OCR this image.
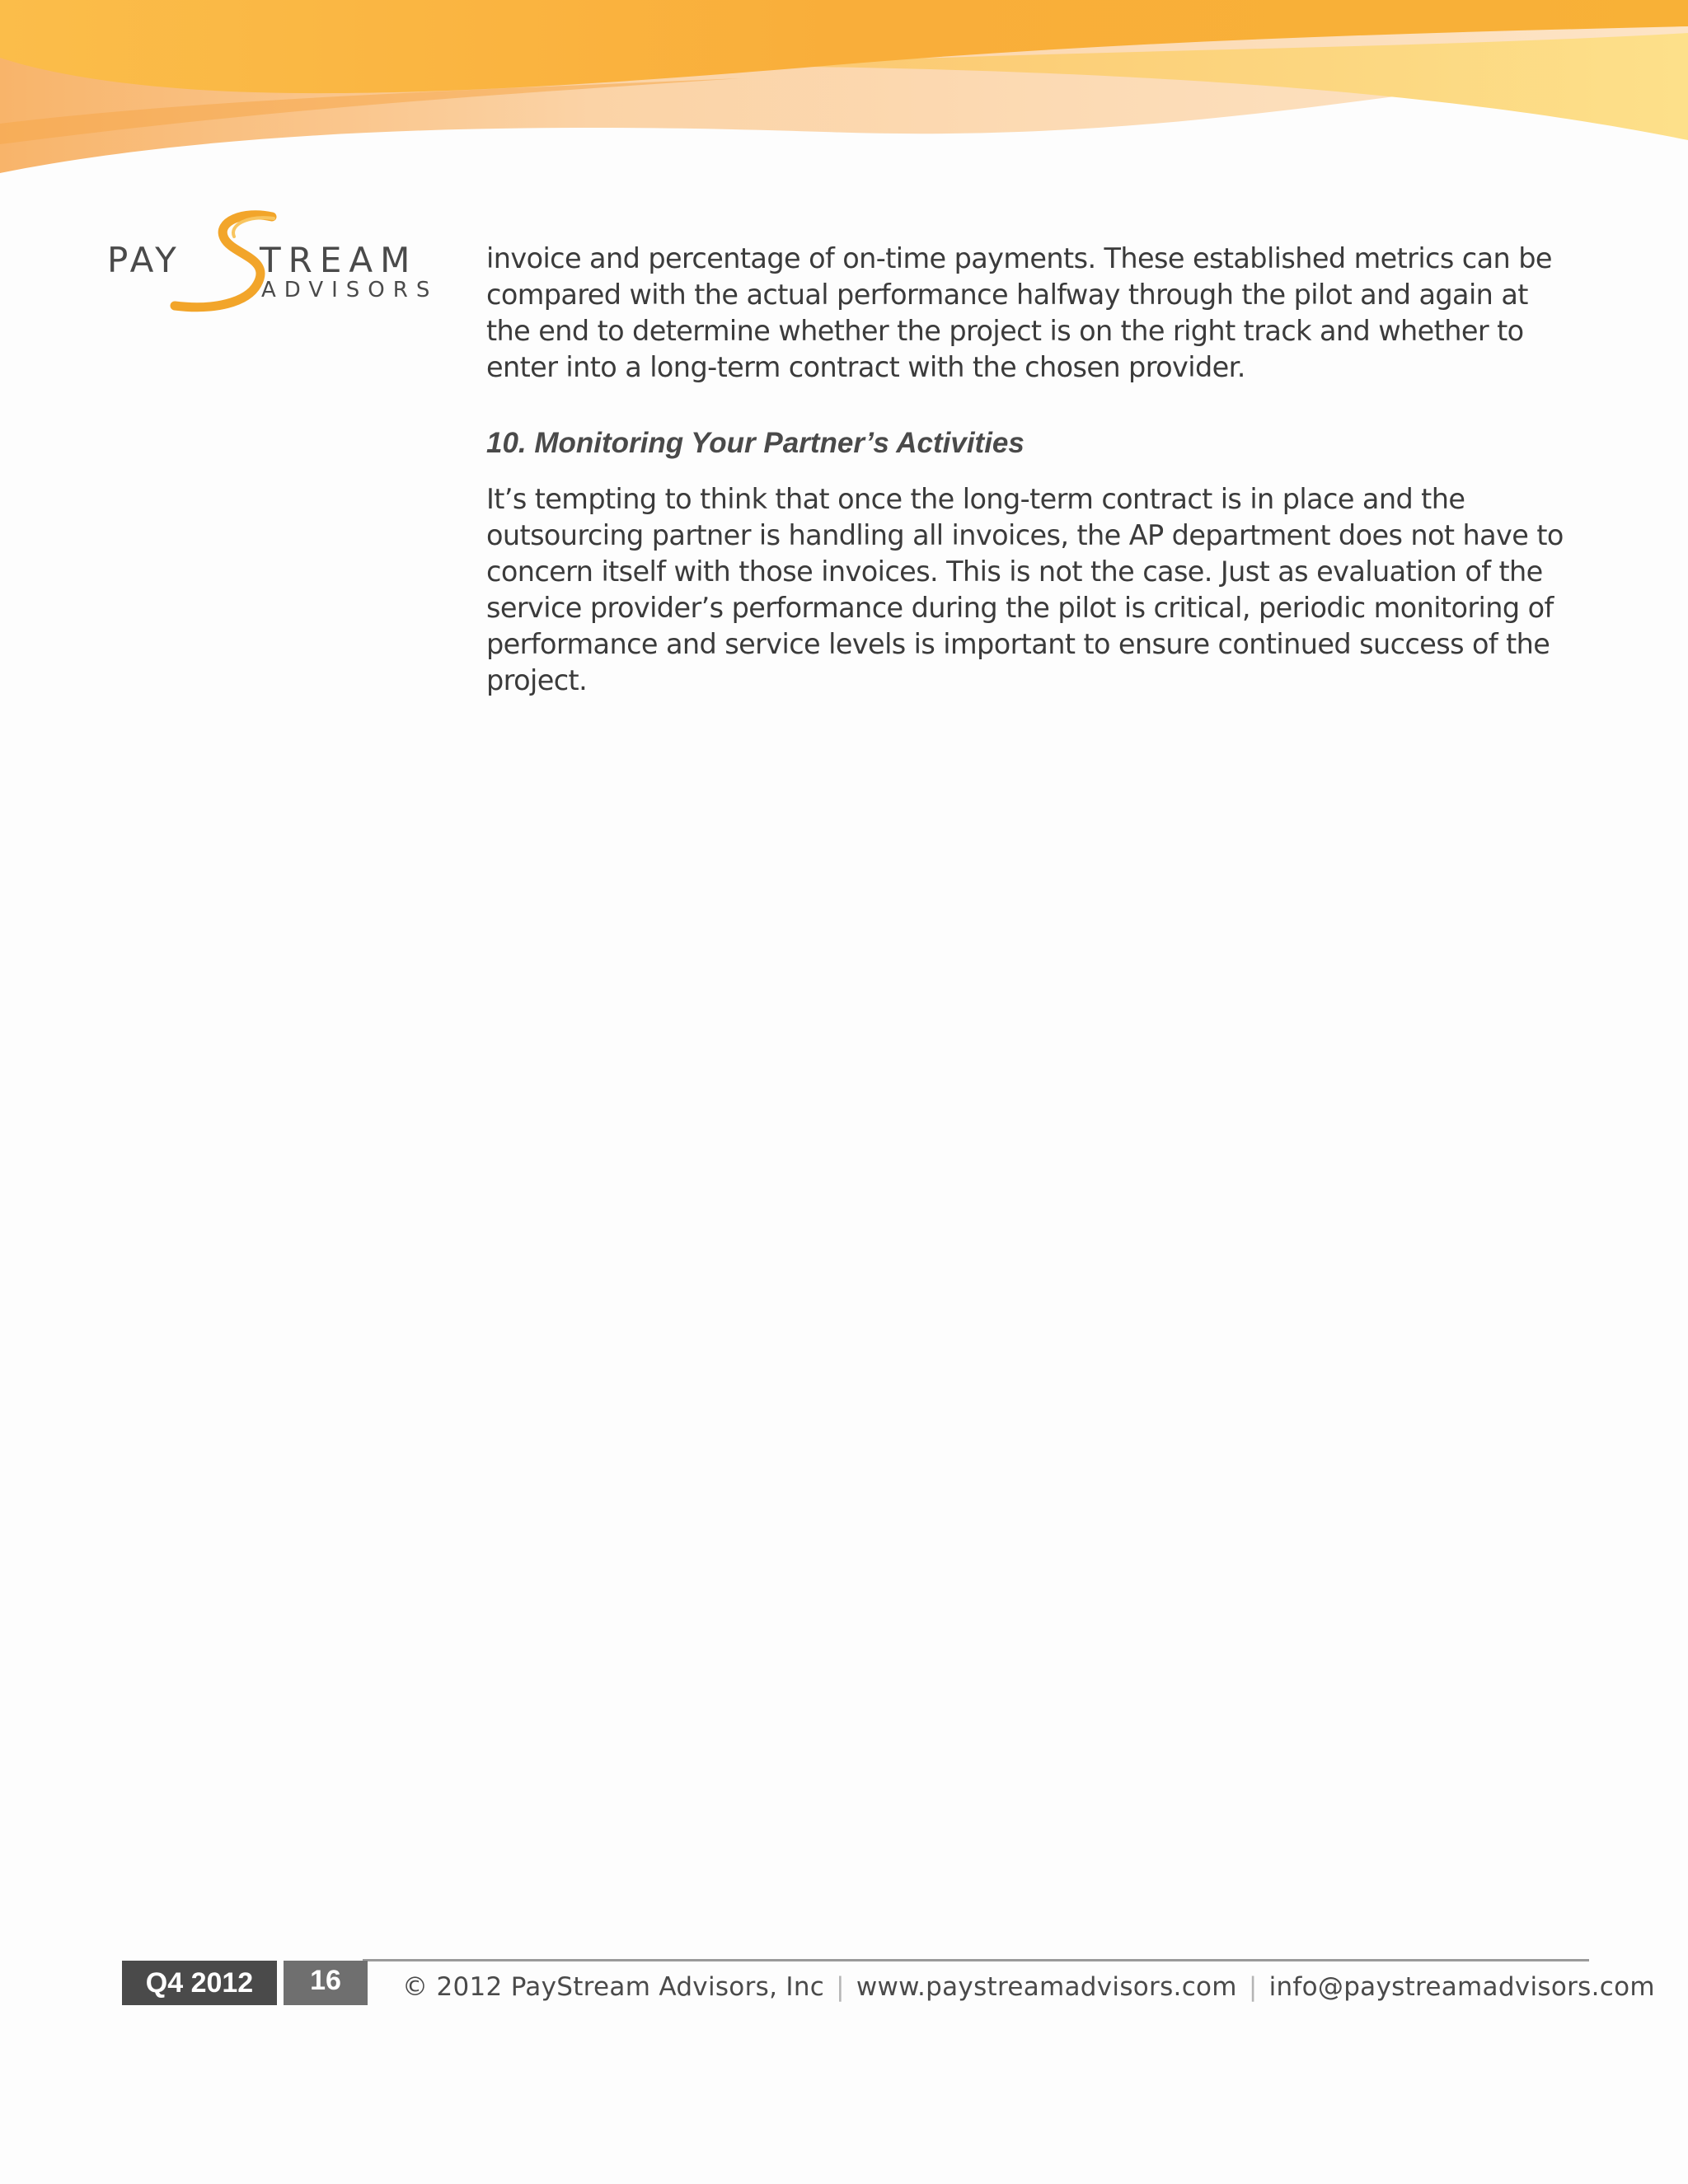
PAY TREAM
ADVISORS

invoice and percentage of on-time payments. These established metrics can be compared with the actual performance halfway through the pilot and again at the end to determine whether the project is on the right track and whether to enter into a long-term contract with the chosen provider.

10. Monitoring Your Partner’s Activities

It’s tempting to think that once the long-term contract is in place and the outsourcing partner is handling all invoices, the AP department does not have to concern itself with those invoices. This is not the case. Just as evaluation of the service provider’s performance during the pilot is critical, periodic monitoring of performance and service levels is important to ensure continued success of the project.

Q4 2012	16	© 2012 PayStream Advisors, Inc | www.paystreamadvisors.com | info@paystreamadvisors.com
